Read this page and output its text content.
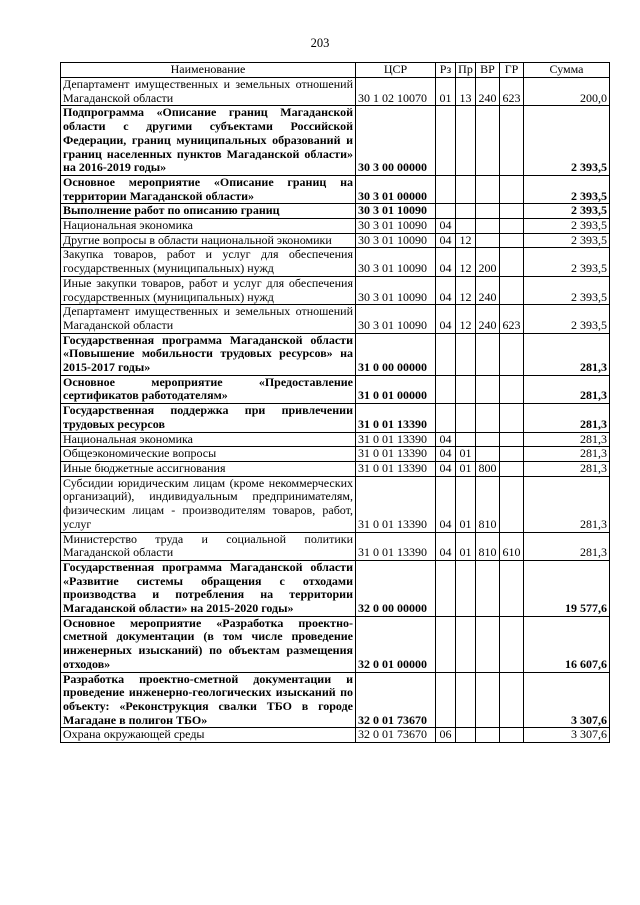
203
Наименование	ЦСР	Рз	Пр	ВР	ГР	Сумма
Департамент имущественных и земельных отношений Магаданской области	30 1 02 10070	01	13	240	623	200,0
Подпрограмма «Описание границ Магаданской области с другими субъектами Российской Федерации, границ муниципальных образований и границ населенных пунктов Магаданской области» на 2016-2019 годы»	30 3 00 00000					2 393,5
Основное мероприятие «Описание границ на территории Магаданской области»	30 3 01 00000					2 393,5
Выполнение работ по описанию границ	30 3 01 10090					2 393,5
Национальная экономика	30 3 01 10090	04				2 393,5
Другие вопросы в области национальной экономики	30 3 01 10090	04	12			2 393,5
Закупка товаров, работ и услуг для обеспечения государственных (муниципальных) нужд	30 3 01 10090	04	12	200		2 393,5
Иные закупки товаров, работ и услуг для обеспечения государственных (муниципальных) нужд	30 3 01 10090	04	12	240		2 393,5
Департамент имущественных и земельных отношений Магаданской области	30 3 01 10090	04	12	240	623	2 393,5
Государственная программа Магаданской области «Повышение мобильности трудовых ресурсов» на 2015-2017 годы»	31 0 00 00000					281,3
Основное мероприятие «Предоставление сертификатов работодателям»	31 0 01 00000					281,3
Государственная поддержка при привлечении трудовых ресурсов	31 0 01 13390					281,3
Национальная экономика	31 0 01 13390	04				281,3
Общеэкономические вопросы	31 0 01 13390	04	01			281,3
Иные бюджетные ассигнования	31 0 01 13390	04	01	800		281,3
Субсидии юридическим лицам (кроме некоммерческих организаций), индивидуальным предпринимателям, физическим лицам - производителям товаров, работ, услуг	31 0 01 13390	04	01	810		281,3
Министерство труда и социальной политики Магаданской области	31 0 01 13390	04	01	810	610	281,3
Государственная программа Магаданской области «Развитие системы обращения с отходами производства и потребления на территории Магаданской области» на 2015-2020 годы»	32 0 00 00000					19 577,6
Основное мероприятие «Разработка проектно-сметной документации (в том числе проведение инженерных изысканий) по объектам размещения отходов»	32 0 01 00000					16 607,6
Разработка проектно-сметной документации и проведение инженерно-геологических изысканий по объекту: «Реконструкция свалки ТБО в городе Магадане в полигон ТБО»	32 0 01 73670					3 307,6
Охрана окружающей среды	32 0 01 73670	06				3 307,6
